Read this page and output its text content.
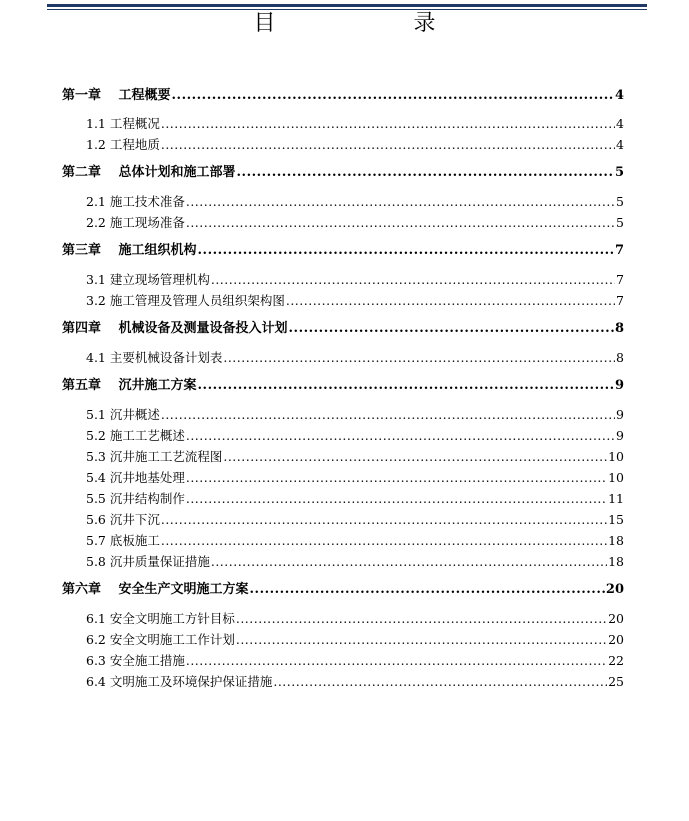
目　录
第一章　 工程概要 .....	4
1.1 工程概况 .....	4
1.2 工程地质 .....	4
第二章　 总体计划和施工部署 .....	5
2.1 施工技术准备 .....	5
2.2 施工现场准备 .....	5
第三章　 施工组织机构 .....	7
3.1 建立现场管理机构 .....	7
3.2 施工管理及管理人员组织架构图 .....	7
第四章　 机械设备及测量设备投入计划 .....	8
4.1 主要机械设备计划表 .....	8
第五章　 沉井施工方案 .....	9
5.1 沉井概述 .....	9
5.2 施工工艺概述 .....	9
5.3 沉井施工工艺流程图 .....	10
5.4 沉井地基处理 .....	10
5.5 沉井结构制作 .....	11
5.6 沉井下沉 .....	15
5.7 底板施工 .....	18
5.8 沉井质量保证措施 .....	18
第六章　 安全生产文明施工方案 .....	20
6.1 安全文明施工方针目标 .....	20
6.2 安全文明施工工作计划 .....	20
6.3 安全施工措施 .....	22
6.4 文明施工及环境保护保证措施 .....	25
